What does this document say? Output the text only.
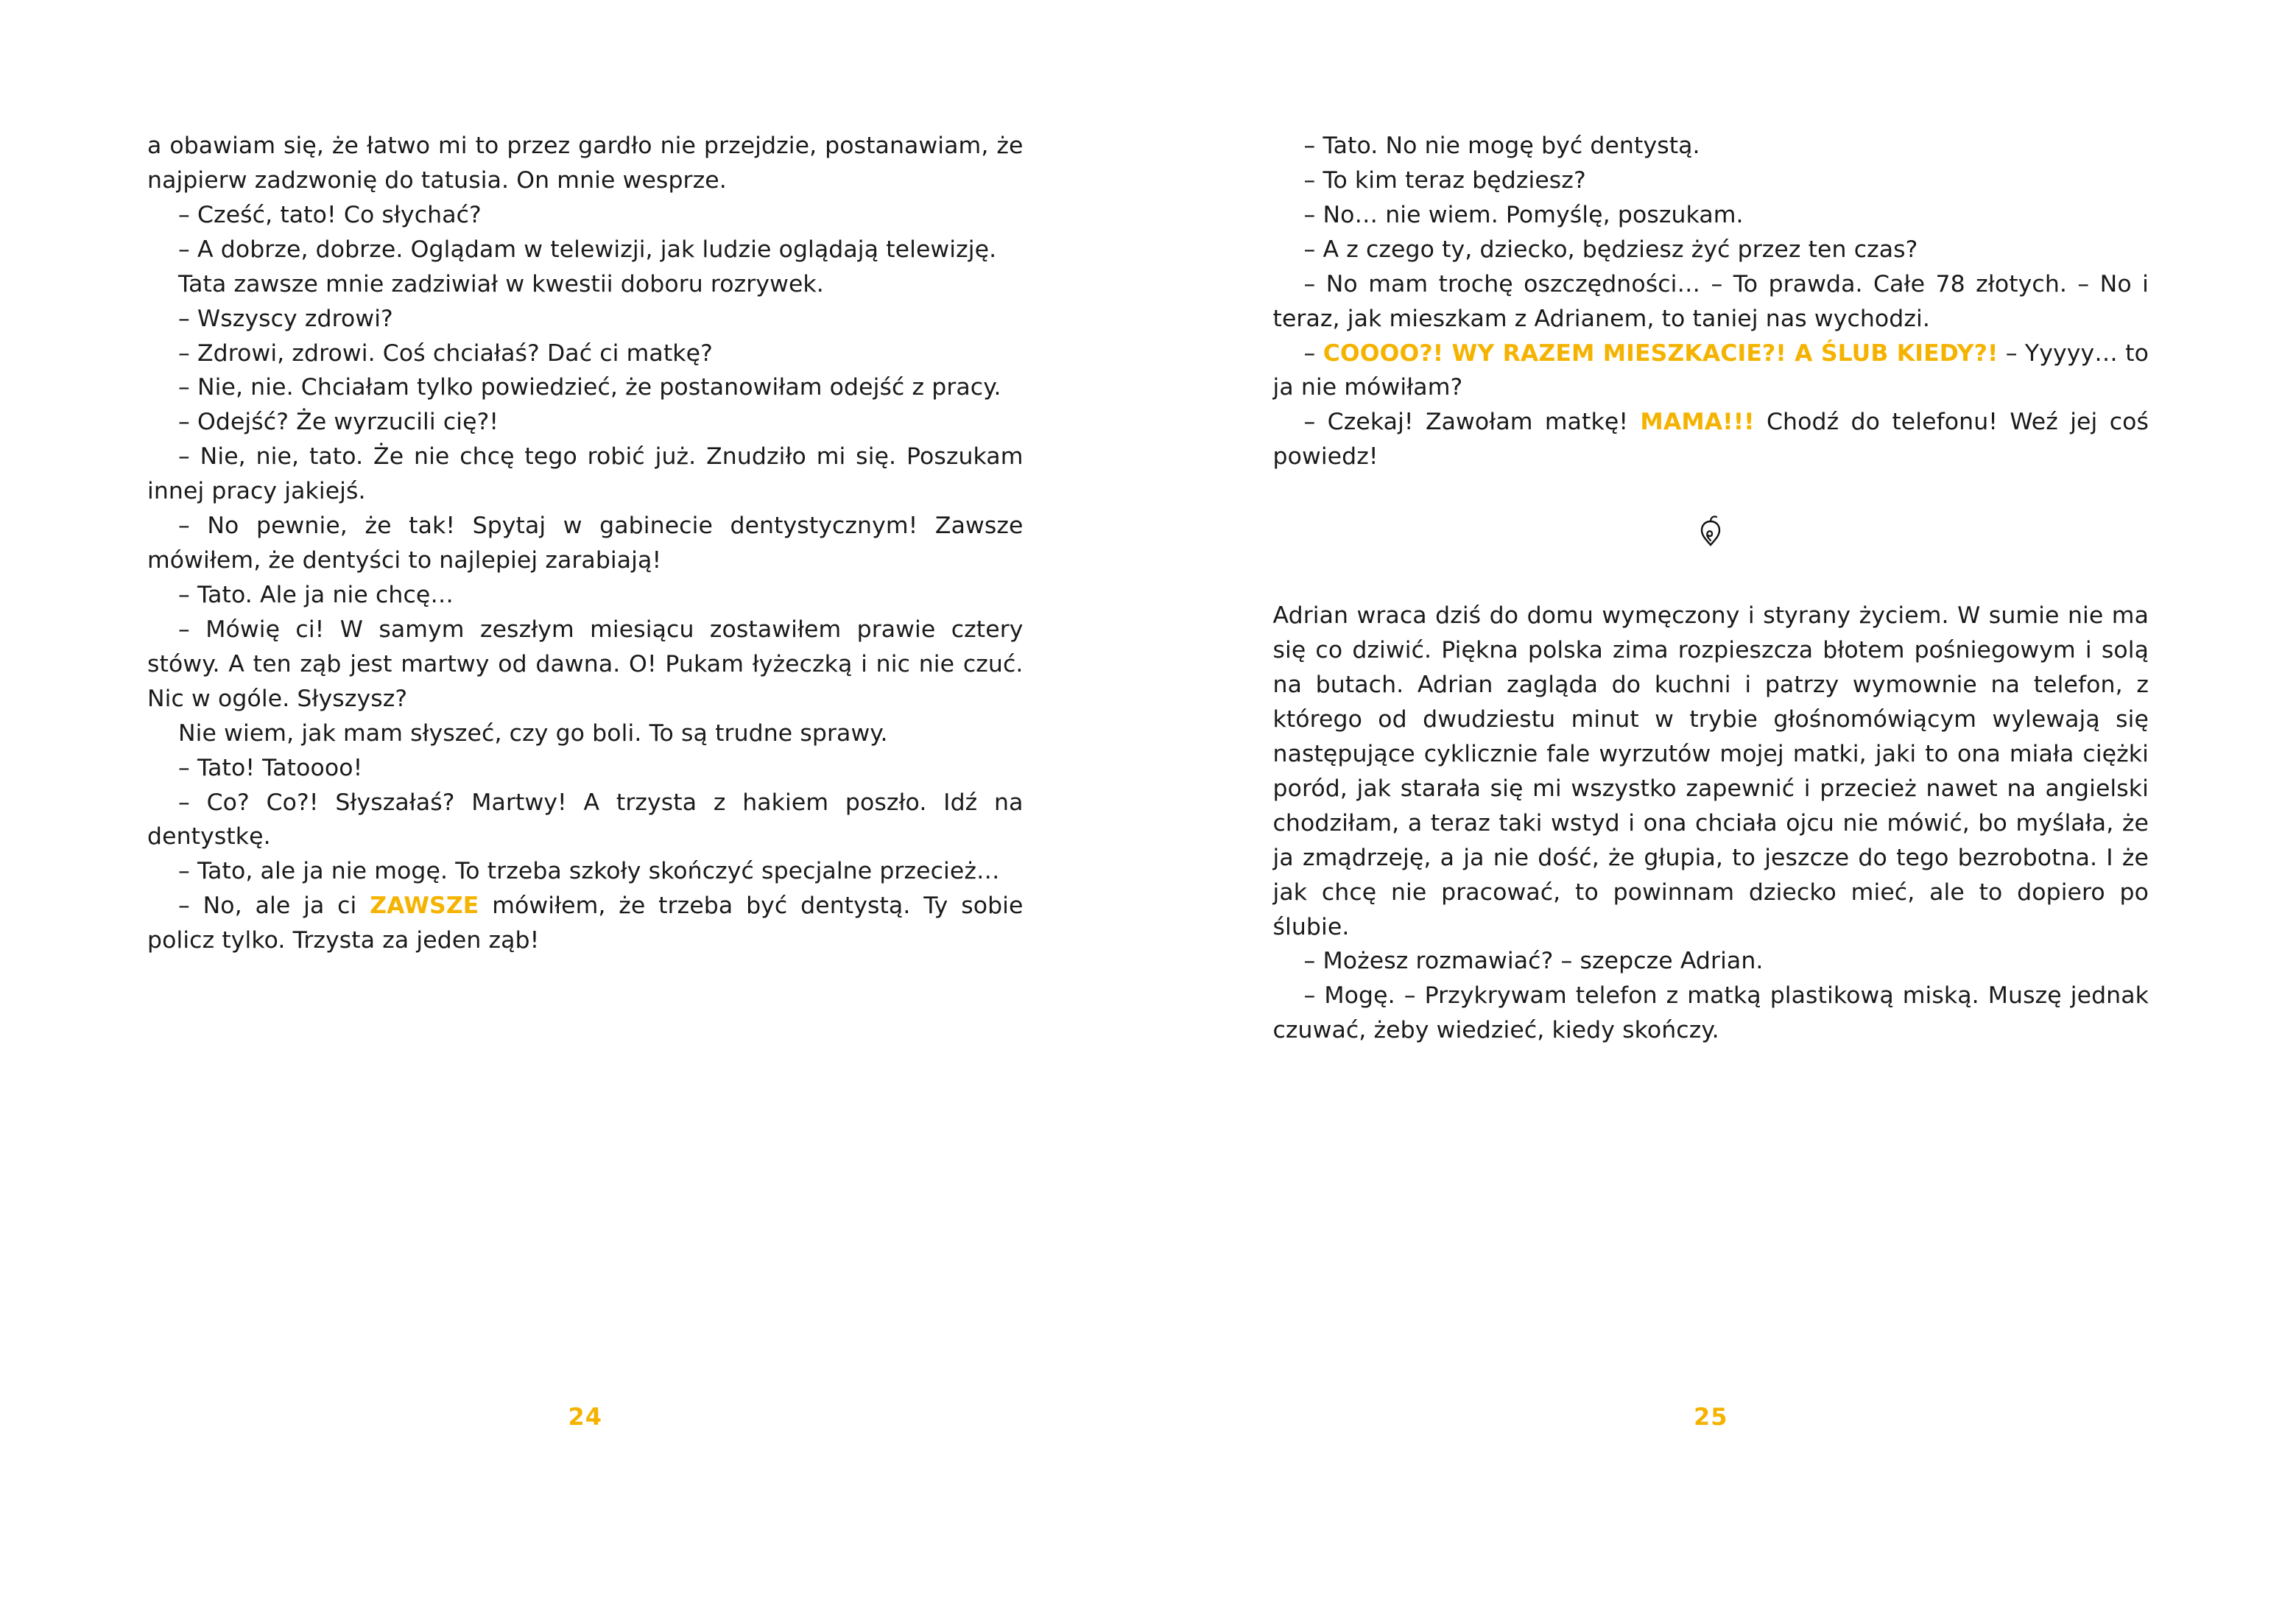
a obawiam się, że łatwo mi to przez gardło nie przejdzie, postanawiam, że najpierw zadzwonię do tatusia. On mnie wesprze.

– Cześć, tato! Co słychać?

– A dobrze, dobrze. Oglądam w telewizji, jak ludzie oglądają telewizję.

Tata zawsze mnie zadziwiał w kwestii doboru rozrywek.

– Wszyscy zdrowi?

– Zdrowi, zdrowi. Coś chciałaś? Dać ci matkę?

– Nie, nie. Chciałam tylko powiedzieć, że postanowiłam odejść z pracy.

– Odejść? Że wyrzucili cię?!

– Nie, nie, tato. Że nie chcę tego robić już. Znudziło mi się. Poszukam innej pracy jakiejś.

– No pewnie, że tak! Spytaj w gabinecie dentystycznym! Zawsze mówiłem, że dentyści to najlepiej zarabiają!

– Tato. Ale ja nie chcę…

– Mówię ci! W samym zeszłym miesiącu zostawiłem prawie cztery stówy. A ten ząb jest martwy od dawna. O! Pukam łyżeczką i nic nie czuć. Nic w ogóle. Słyszysz?

Nie wiem, jak mam słyszeć, czy go boli. To są trudne sprawy.

– Tato! Tatoooo!

– Co? Co?! Słyszałaś? Martwy! A trzysta z hakiem poszło. Idź na dentystkę.

– Tato, ale ja nie mogę. To trzeba szkoły skończyć specjalne przecież…

– No, ale ja ci ZAWSZE mówiłem, że trzeba być dentystą. Ty sobie policz tylko. Trzysta za jeden ząb!

24

– Tato. No nie mogę być dentystą.

– To kim teraz będziesz?

– No… nie wiem. Pomyślę, poszukam.

– A z czego ty, dziecko, będziesz żyć przez ten czas?

– No mam trochę oszczędności… – To prawda. Całe 78 złotych. – No i teraz, jak mieszkam z Adrianem, to taniej nas wychodzi.

– COOOO?! WY RAZEM MIESZKACIE?! A ŚLUB KIEDY?! – Yyyyy… to ja nie mówiłam?

– Czekaj! Zawołam matkę! MAMA!!! Chodź do telefonu! Weź jej coś powiedz!

Adrian wraca dziś do domu wymęczony i styrany życiem. W sumie nie ma się co dziwić. Piękna polska zima rozpieszcza błotem pośniegowym i solą na butach. Adrian zagląda do kuchni i patrzy wymownie na telefon, z którego od dwudziestu minut w trybie głośnomówiącym wylewają się następujące cyklicznie fale wyrzutów mojej matki, jaki to ona miała ciężki poród, jak starała się mi wszystko zapewnić i przecież nawet na angielski chodziłam, a teraz taki wstyd i ona chciała ojcu nie mówić, bo myślała, że ja zmądrzeję, a ja nie dość, że głupia, to jeszcze do tego bezrobotna. I że jak chcę nie pracować, to powinnam dziecko mieć, ale to dopiero po ślubie.

– Możesz rozmawiać? – szepcze Adrian.

– Mogę. – Przykrywam telefon z matką plastikową miską. Muszę jednak czuwać, żeby wiedzieć, kiedy skończy.

25
